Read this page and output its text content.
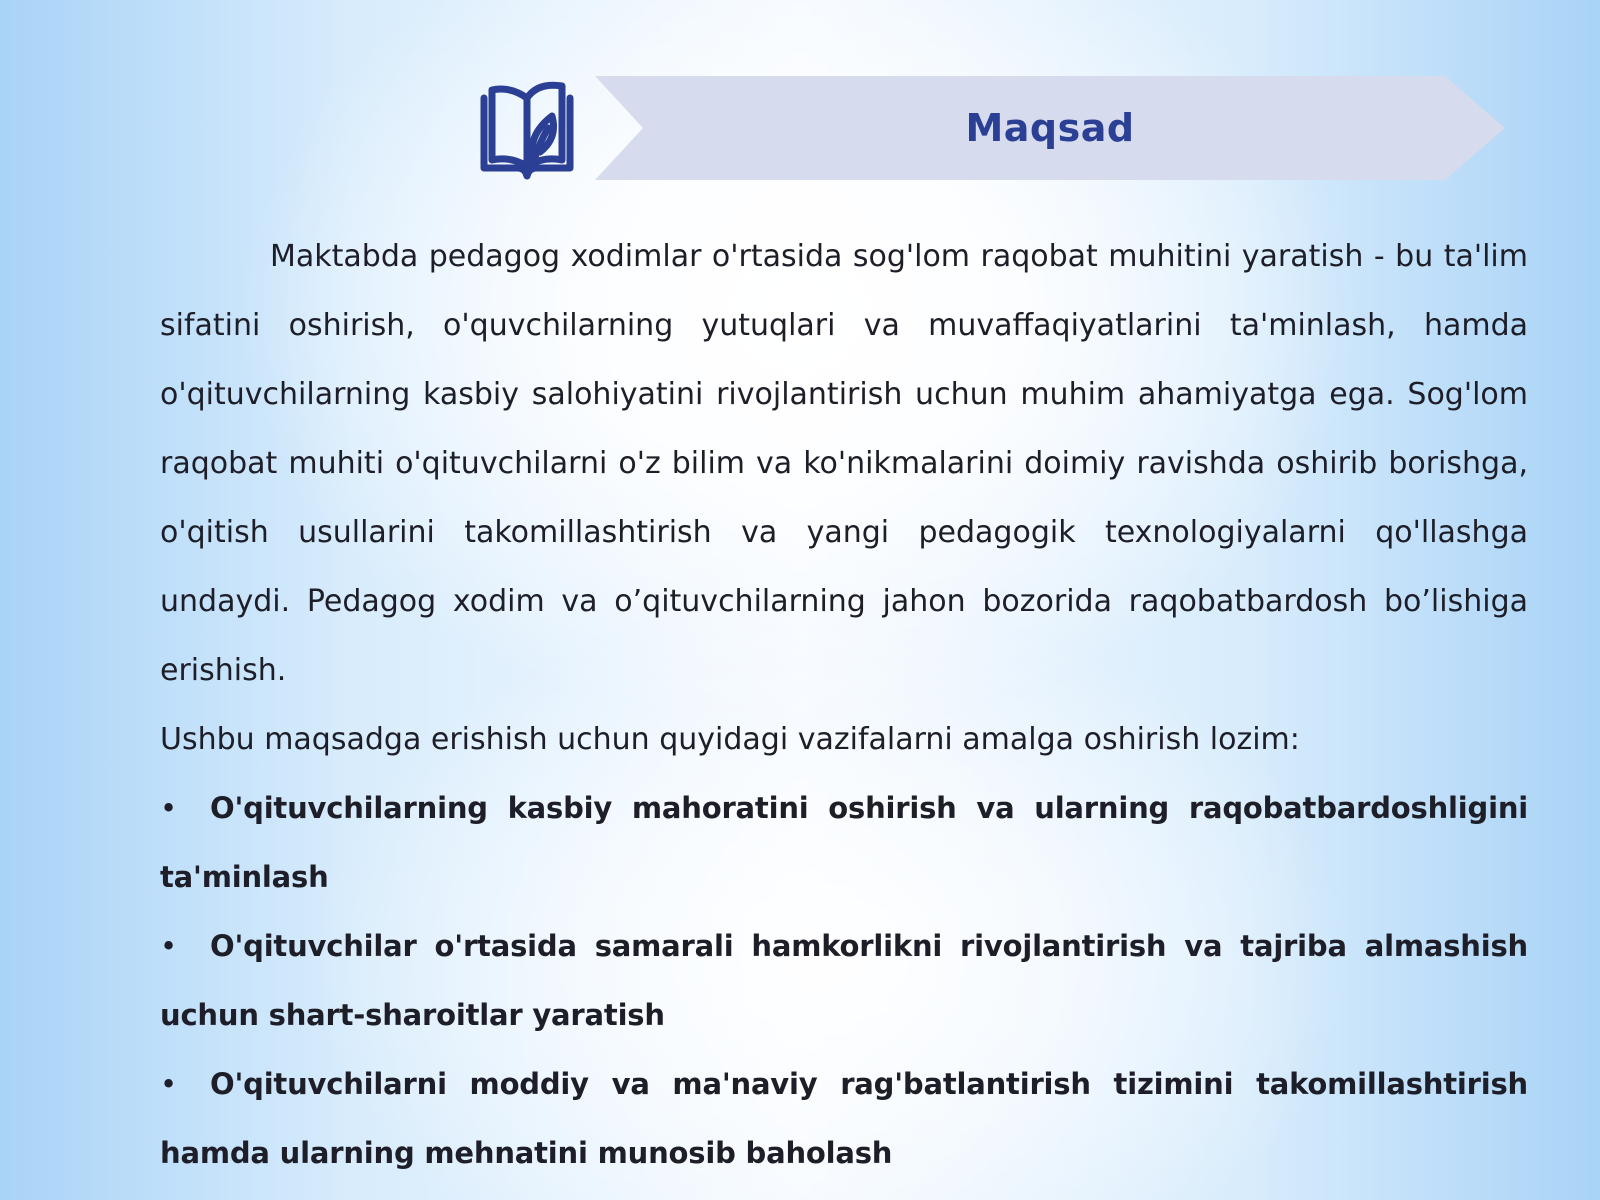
Maqsad

Maktabda pedagog xodimlar o'rtasida sog'lom raqobat muhitini yaratish - bu ta'lim sifatini oshirish, o'quvchilarning yutuqlari va muvaffaqiyatlarini ta'minlash, hamda o'qituvchilarning kasbiy salohiyatini rivojlantirish uchun muhim ahamiyatga ega. Sog'lom raqobat muhiti o'qituvchilarni o'z bilim va ko'nikmalarini doimiy ravishda oshirib borishga, o'qitish usullarini takomillashtirish va yangi pedagogik texnologiyalarni qo'llashga undaydi. Pedagog xodim va o’qituvchilarning jahon bozorida raqobatbardosh bo’lishiga erishish.

Ushbu maqsadga erishish uchun quyidagi vazifalarni amalga oshirish lozim:

• O'qituvchilarning kasbiy mahoratini oshirish va ularning raqobatbardoshligini ta'minlash
• O'qituvchilar o'rtasida samarali hamkorlikni rivojlantirish va tajriba almashish uchun shart-sharoitlar yaratish
• O'qituvchilarni moddiy va ma'naviy rag'batlantirish tizimini takomillashtirish hamda ularning mehnatini munosib baholash
